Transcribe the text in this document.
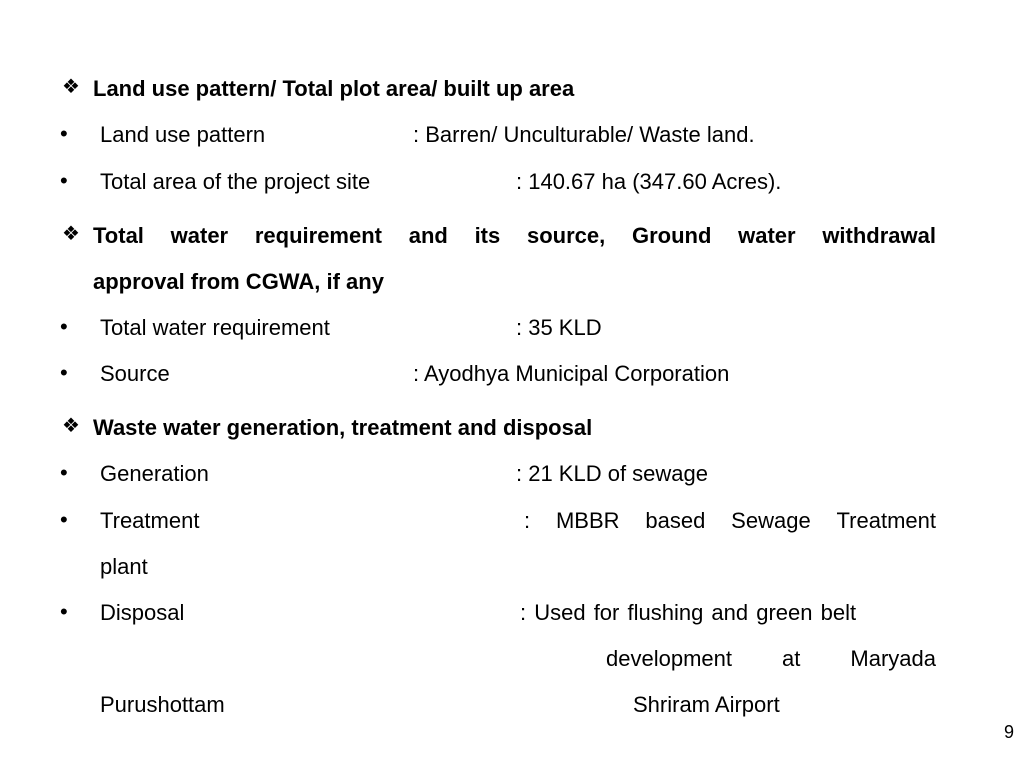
❖ Land use pattern/ Total plot area/ built up area
• Land use pattern	: Barren/ Unculturable/ Waste land.
• Total area of the project site	: 140.67 ha (347.60 Acres).
❖ Total water requirement and its source, Ground water withdrawal
approval from CGWA, if any
• Total water requirement	: 35 KLD
• Source	: Ayodhya Municipal Corporation
❖ Waste water generation, treatment and disposal
• Generation	: 21 KLD of sewage
• Treatment	: MBBR based Sewage Treatment
plant
• Disposal	: Used for flushing and green belt
development at Maryada
Purushottam	Shriram Airport
9
